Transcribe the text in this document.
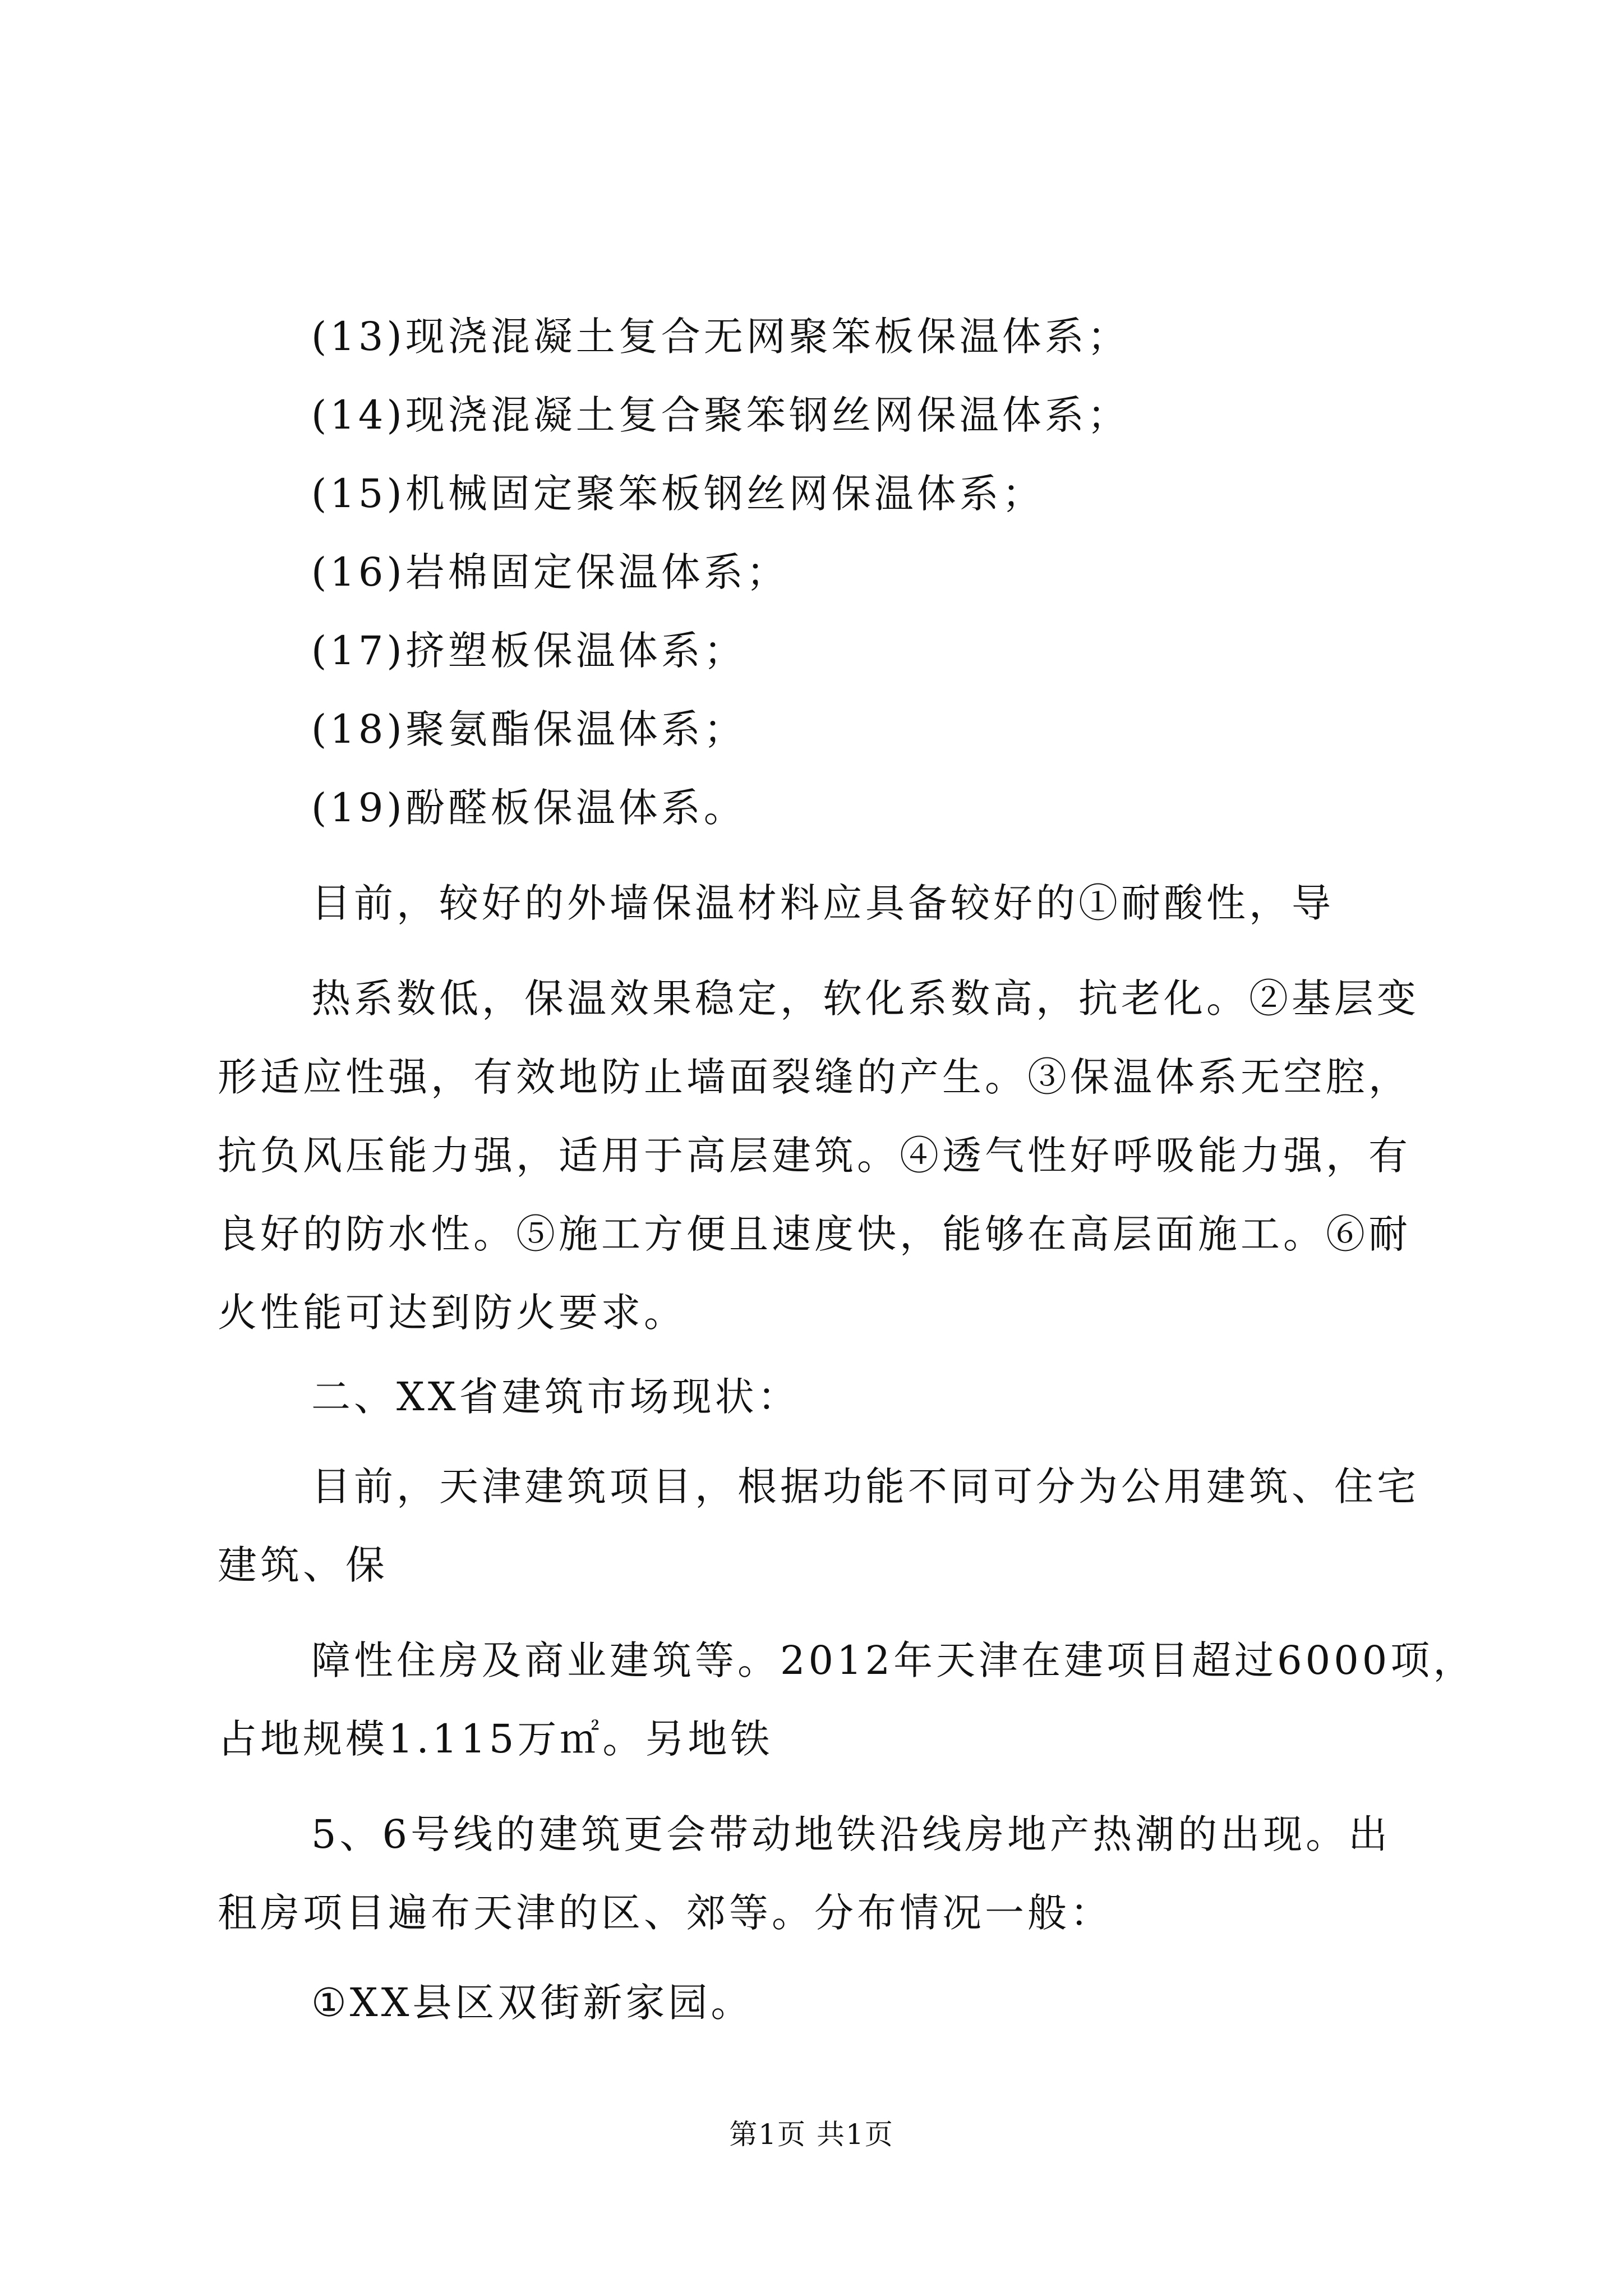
(13)现浇混凝土复合无网聚笨板保温体系；
(14)现浇混凝土复合聚笨钢丝网保温体系；
(15)机械固定聚笨板钢丝网保温体系；
(16)岩棉固定保温体系；
(17)挤塑板保温体系；
(18)聚氨酯保温体系；
(19)酚醛板保温体系。
目前，较好的外墙保温材料应具备较好的①耐酸性，导
热系数低，保温效果稳定，软化系数高，抗老化。②基层变
形适应性强，有效地防止墙面裂缝的产生。③保温体系无空腔，
抗负风压能力强，适用于高层建筑。④透气性好呼吸能力强，有
良好的防水性。⑤施工方便且速度快，能够在高层面施工。⑥耐
火性能可达到防火要求。
二、XX省建筑市场现状：
目前，天津建筑项目，根据功能不同可分为公用建筑、住宅
建筑、保
障性住房及商业建筑等。2012年天津在建项目超过6000项，
占地规模1.115万㎡。另地铁
5、6号线的建筑更会带动地铁沿线房地产热潮的出现。出
租房项目遍布天津的区、郊等。分布情况一般：
①XX县区双街新家园。
第1页 共1页
